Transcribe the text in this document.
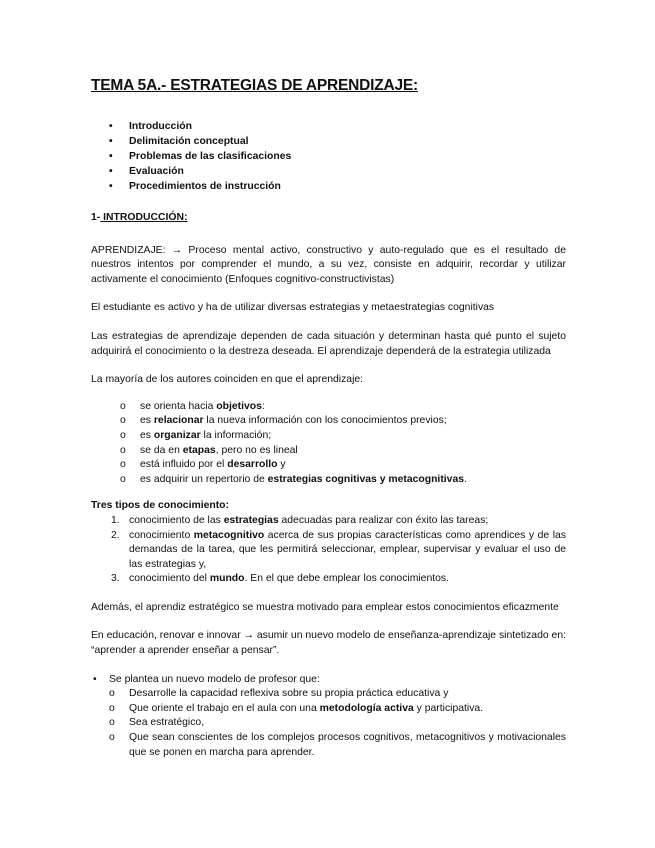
TEMA 5A.- ESTRATEGIAS DE APRENDIZAJE:
• Introducción
• Delimitación conceptual
• Problemas de las clasificaciones
• Evaluación
• Procedimientos de instrucción
1- INTRODUCCIÓN:

APRENDIZAJE: → Proceso mental activo, constructivo y auto-regulado que es el resultado de nuestros intentos por comprender el mundo, a su vez, consiste en adquirir, recordar y utilizar activamente el conocimiento (Enfoques cognitivo-constructivistas)

El estudiante es activo y ha de utilizar diversas estrategias y metaestrategias cognitivas

Las estrategias de aprendizaje dependen de cada situación y determinan hasta qué punto el sujeto adquirirá el conocimiento o la destreza deseada. El aprendizaje dependerá de la estrategia utilizada

La mayoría de los autores coinciden en que el aprendizaje:

o se orienta hacia objetivos:
o es relacionar la nueva información con los conocimientos previos;
o es organizar la información;
o se da en etapas, pero no es lineal
o está influido por el desarrollo y
o es adquirir un repertorio de estrategias cognitivas y metacognitivas.
Tres tipos de conocimiento:
1. conocimiento de las estrategias adecuadas para realizar con éxito las tareas;
2. conocimiento metacognitivo acerca de sus propias características como aprendices y de las demandas de la tarea, que les permitirá seleccionar, emplear, supervisar y evaluar el uso de las estrategias y,
3. conocimiento del mundo. En el que debe emplear los conocimientos.

Además, el aprendiz estratégico se muestra motivado para emplear estos conocimientos eficazmente

En educación, renovar e innovar → asumir un nuevo modelo de enseñanza-aprendizaje sintetizado en: “aprender a aprender enseñar a pensar”.

• Se plantea un nuevo modelo de profesor que:
o Desarrolle la capacidad reflexiva sobre su propia práctica educativa y
o Que oriente el trabajo en el aula con una metodología activa y participativa.
o Sea estratégico,
o Que sean conscientes de los complejos procesos cognitivos, metacognitivos y motivacionales que se ponen en marcha para aprender.
